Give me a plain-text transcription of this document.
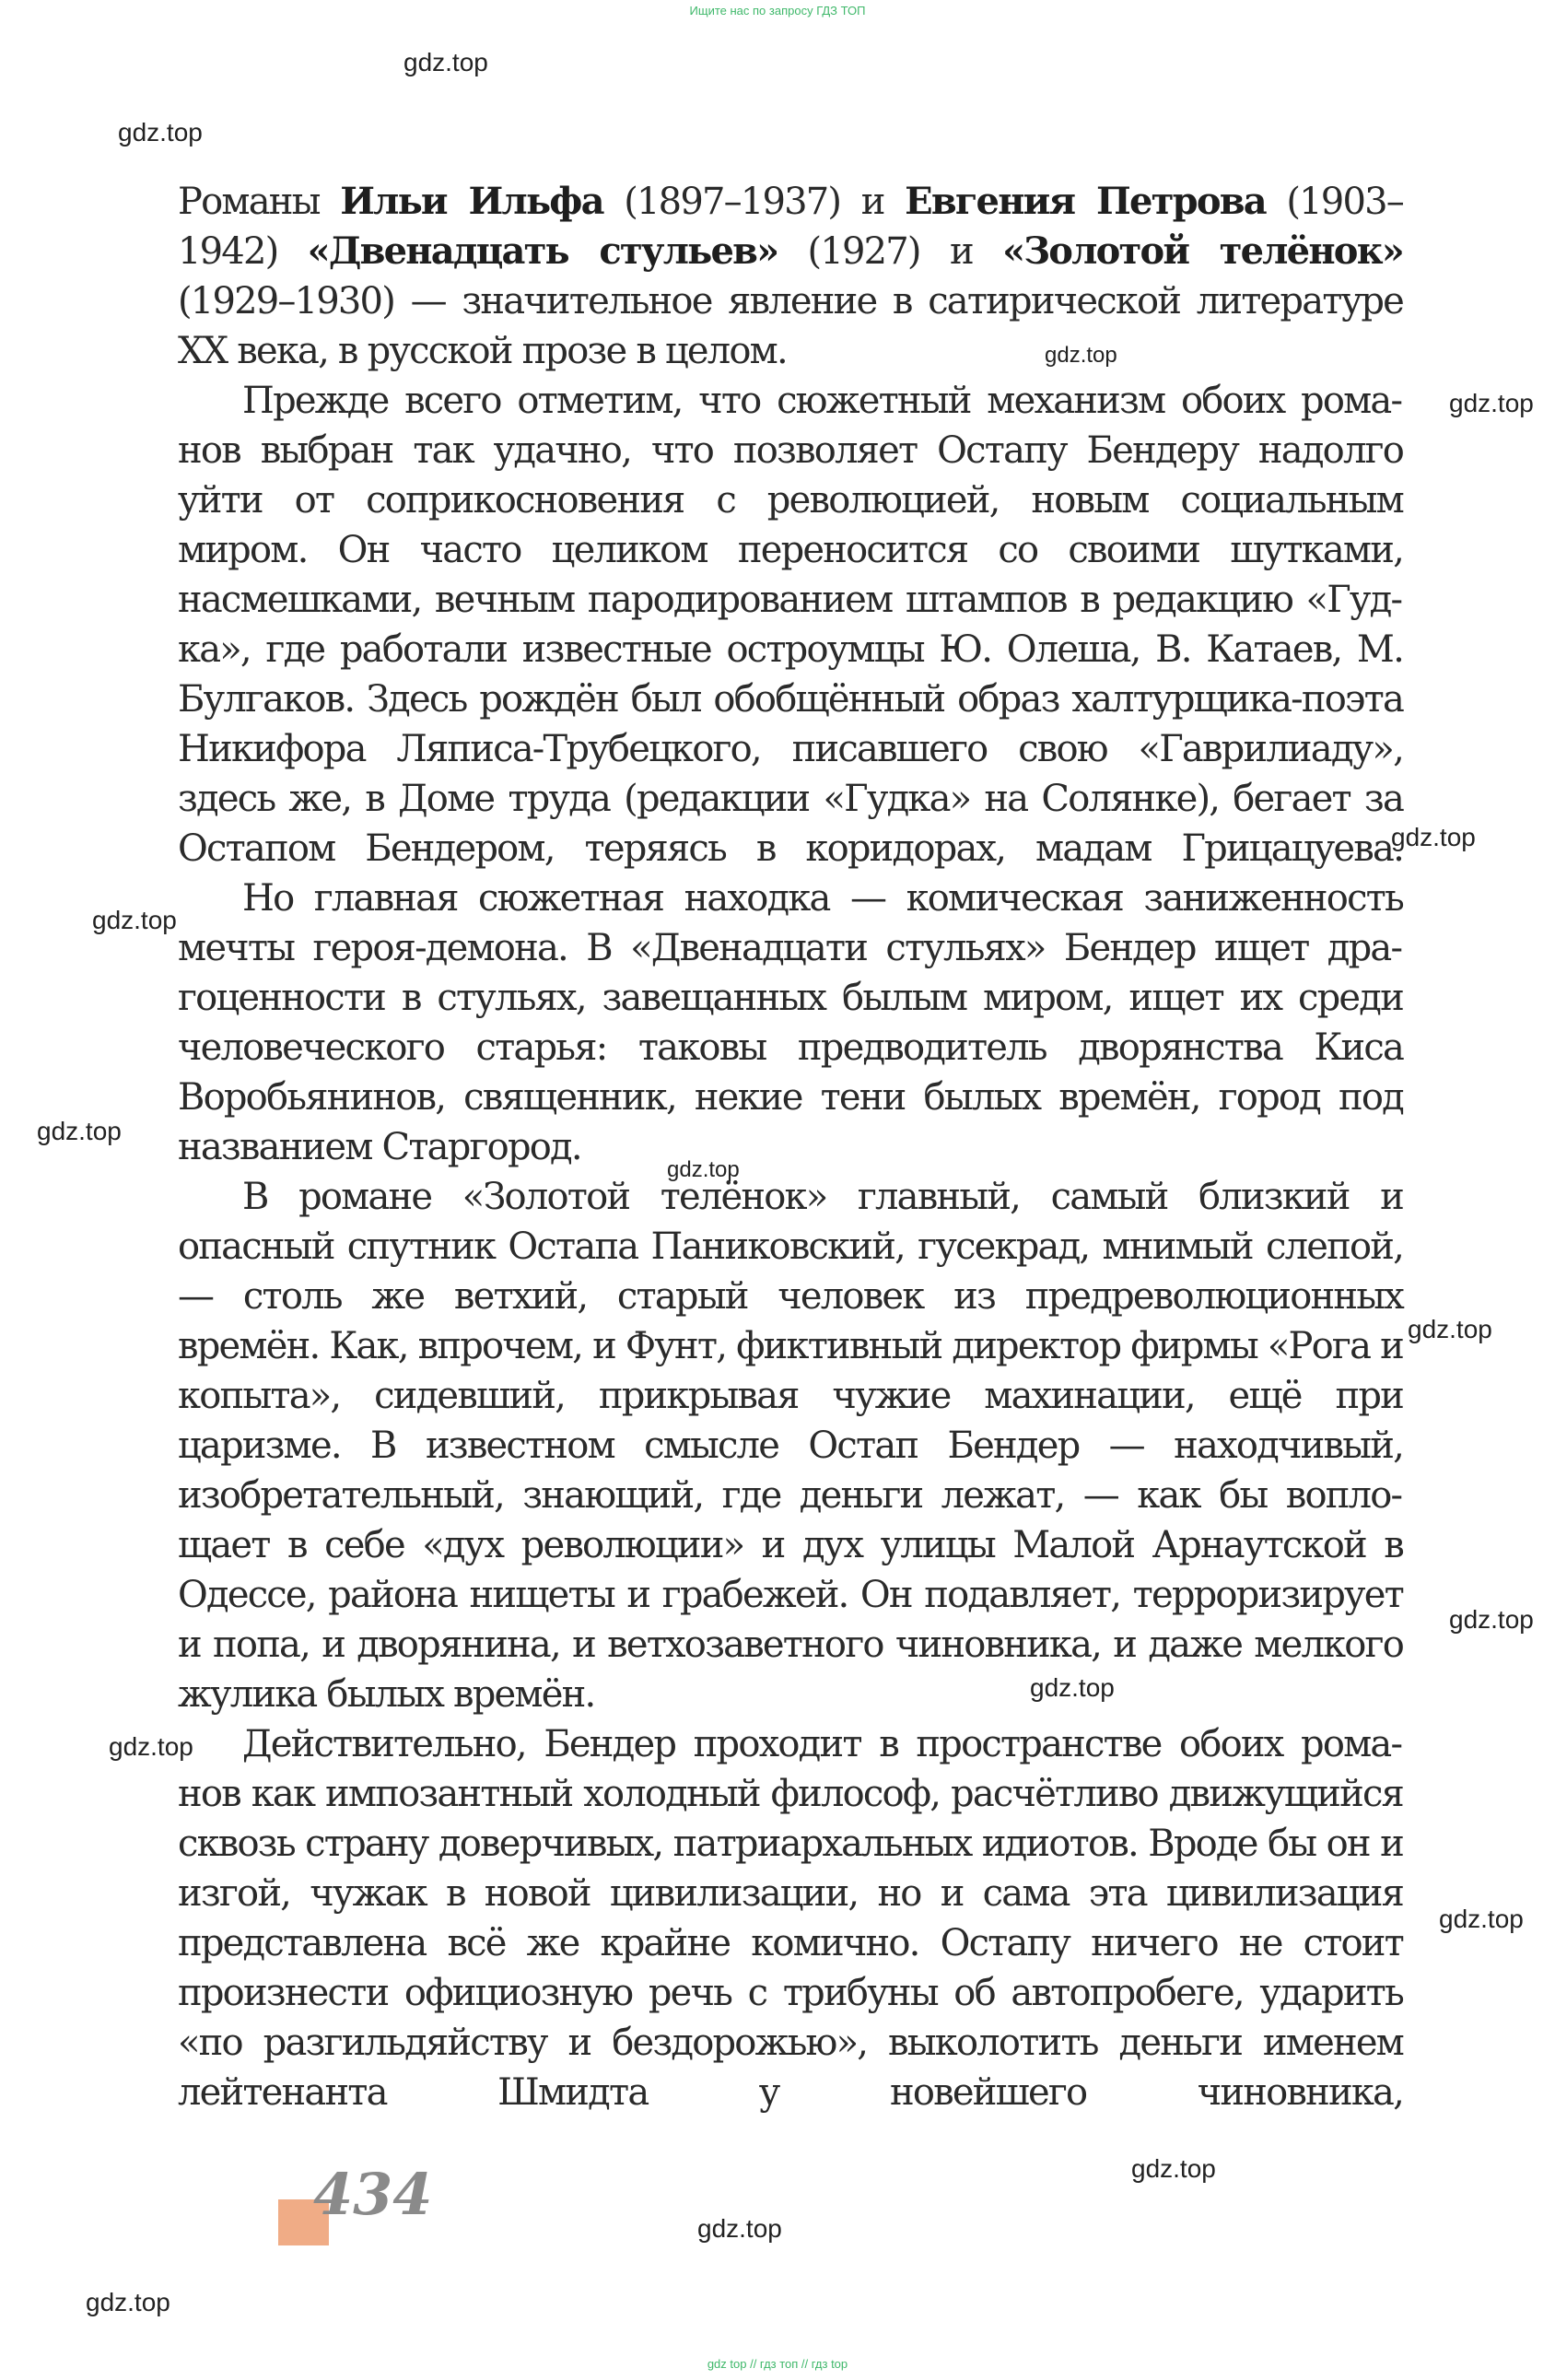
Ищите нас по запросу ГДЗ ТОП
gdz.top
gdz.top
gdz.top
gdz.top
gdz.top
gdz.top
gdz.top
gdz.top
gdz.top
gdz.top
gdz.top
gdz.top
gdz.top
gdz.top
gdz.top
gdz.top

Романы Ильи Ильфа (1897–1937) и Евгения Петрова (1903–1942) «Двенадцать стульев» (1927) и «Золотой телёнок» (1929–1930) — значительное явление в сатирической литературе XX века, в русской прозе в целом.

Прежде всего отметим, что сюжетный механизм обоих романов выбран так удачно, что позволяет Остапу Бендеру надолго уйти от соприкосновения с революцией, новым социальным миром. Он часто целиком переносится со своими шутками, насмешками, вечным пародированием штампов в редакцию «Гудка», где работали известные остроумцы Ю. Олеша, В. Катаев, М. Булгаков. Здесь рождён был обобщённый образ халтурщика-поэта Никифора Ляписа-Трубецкого, писавшего свою «Гаврилиаду», здесь же, в Доме труда (редакции «Гудка» на Солянке), бегает за Остапом Бендером, теряясь в коридорах, мадам Грицацуева.

Но главная сюжетная находка — комическая заниженность мечты героя-демона. В «Двенадцати стульях» Бендер ищет драгоценности в стульях, завещанных былым миром, ищет их среди человеческого старья: таковы предводитель дворянства Киса Воробьянинов, священник, некие тени былых времён, город под названием Старгород.

В романе «Золотой телёнок» главный, самый близкий и опасный спутник Остапа Паниковский, гусекрад, мнимый слепой, — столь же ветхий, старый человек из предреволюционных времён. Как, впрочем, и Фунт, фиктивный директор фирмы «Рога и копыта», сидевший, прикрывая чужие махинации, ещё при царизме. В известном смысле Остап Бендер — находчивый, изобретательный, знающий, где деньги лежат, — как бы воплощает в себе «дух революции» и дух улицы Малой Арнаутской в Одессе, района нищеты и грабежей. Он подавляет, терроризирует и попа, и дворянина, и ветхозаветного чиновника, и даже мелкого жулика былых времён.

Действительно, Бендер проходит в пространстве обоих романов как импозантный холодный философ, расчётливо движущийся сквозь страну доверчивых, патриархальных идиотов. Вроде бы он и изгой, чужак в новой цивилизации, но и сама эта цивилизация представлена всё же крайне комично. Остапу ничего не стоит произнести официозную речь с трибуны об автопробеге, ударить «по разгильдяйству и бездорожью», выколотить деньги именем лейтенанта Шмидта у новейшего чиновника,

434
gdz top // гдз топ // гдз top
